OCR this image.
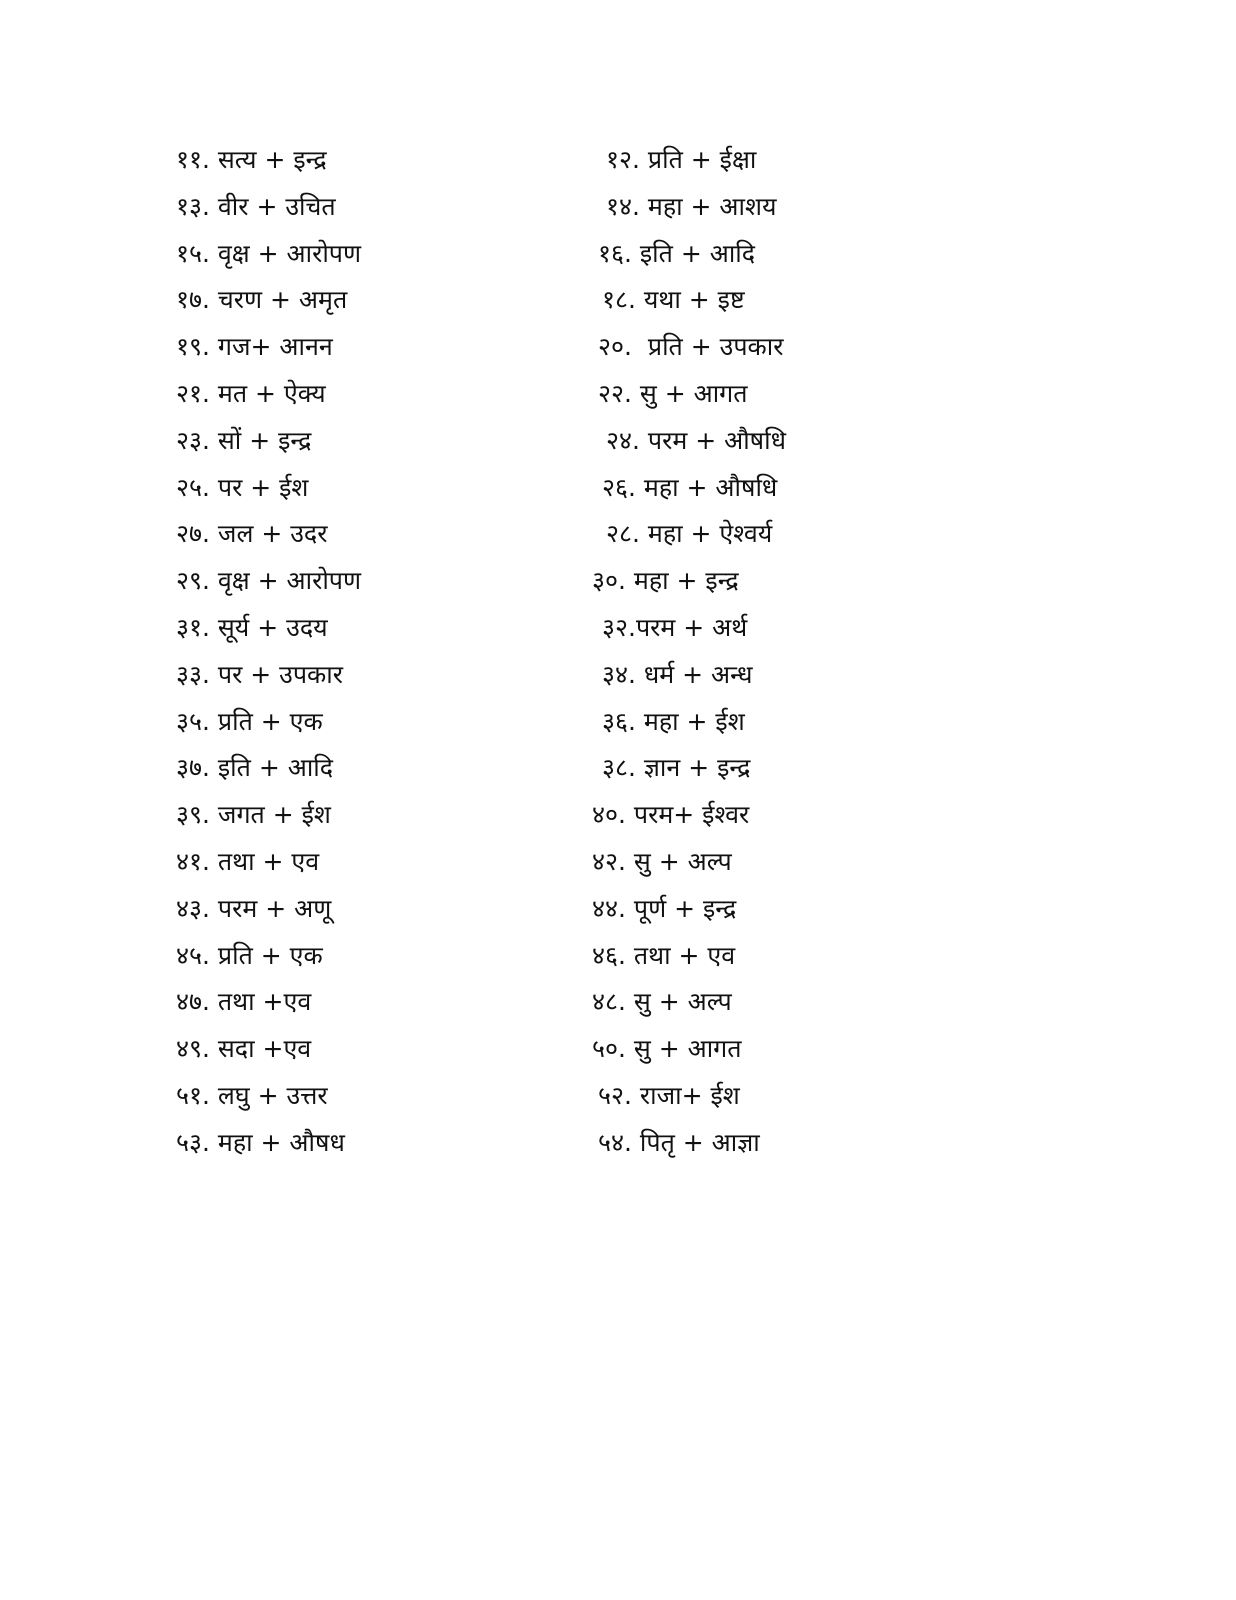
११. सत्य + इन्द्र	१२. प्रति + ईक्षा
१३. वीर + उचित	१४. महा + आशय
१५. वृक्ष + आरोपण	१६. इति + आदि
१७. चरण + अमृत	१८. यथा + इष्ट
१९. गज+ आनन	२०.  प्रति + उपकार
२१. मत + ऐक्य	२२. सु + आगत
२३. सों + इन्द्र	२४. परम + औषधि
२५. पर + ईश	२६. महा + औषधि
२७. जल + उदर	२८. महा + ऐश्वर्य
२९. वृक्ष + आरोपण	३०. महा + इन्द्र
३१. सूर्य + उदय	३२.परम + अर्थ
३३. पर + उपकार	३४. धर्म + अन्ध
३५. प्रति + एक	३६. महा + ईश
३७. इति + आदि	३८. ज्ञान + इन्द्र
३९. जगत + ईश	४०. परम+ ईश्वर
४१. तथा + एव	४२. सु + अल्प
४३. परम + अणू	४४. पूर्ण + इन्द्र
४५. प्रति + एक	४६. तथा + एव
४७. तथा +एव	४८. सु + अल्प
४९. सदा +एव	५०. सु + आगत
५१. लघु + उत्तर	५२. राजा+ ईश
५३. महा + औषध	५४. पितृ + आज्ञा
